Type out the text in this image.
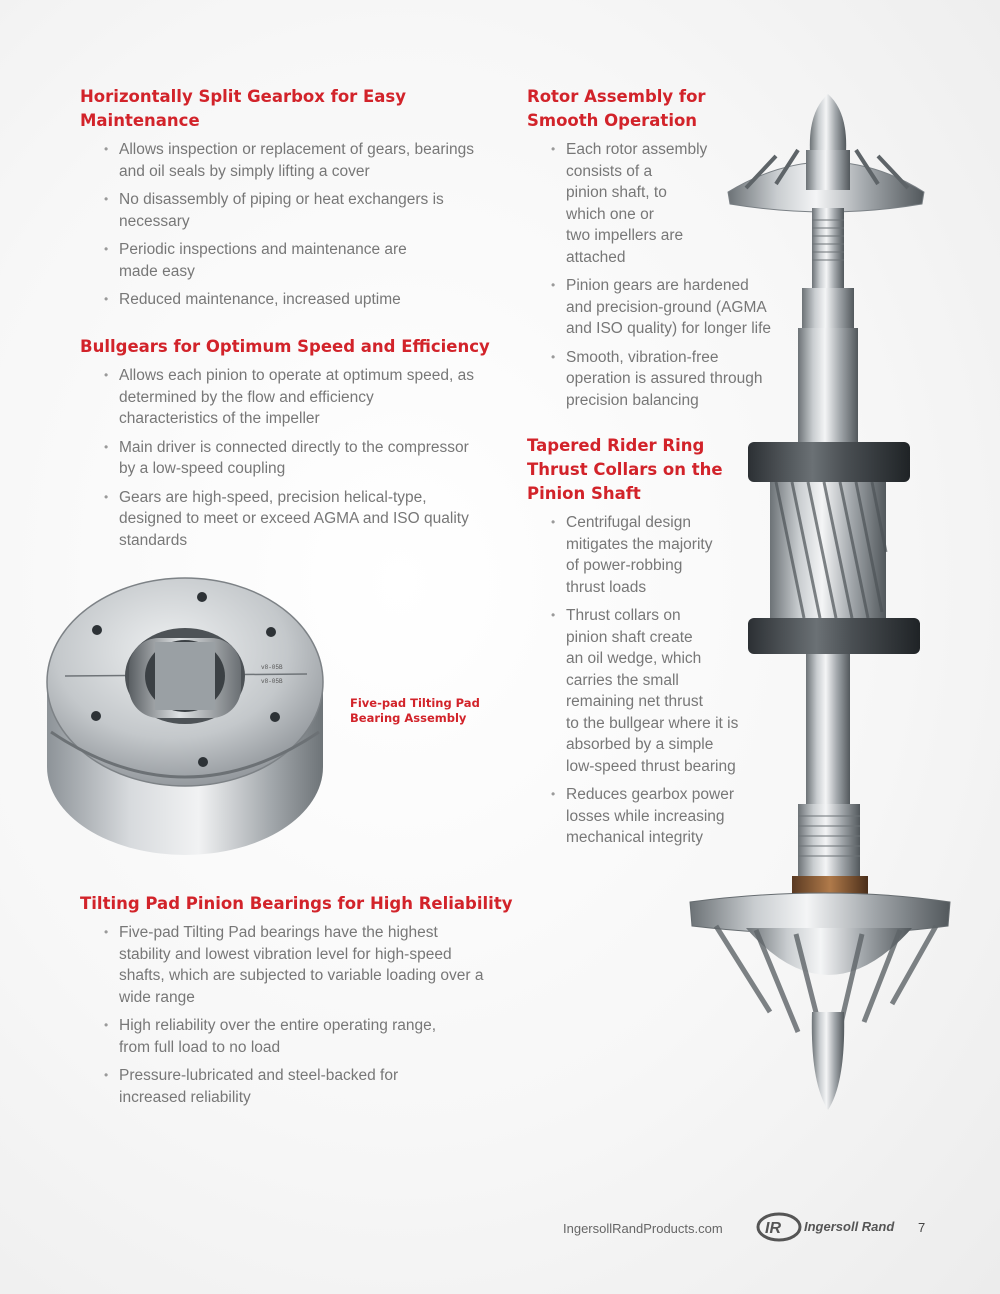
Horizontally Split Gearbox for Easy
Maintenance
• Allows inspection or replacement of gears, bearings
and oil seals by simply lifting a cover
• No disassembly of piping or heat exchangers is
necessary
• Periodic inspections and maintenance are
made easy
• Reduced maintenance, increased uptime
Bullgears for Optimum Speed and Efficiency
• Allows each pinion to operate at optimum speed, as
determined by the flow and efficiency
characteristics of the impeller
• Main driver is connected directly to the compressor
by a low-speed coupling
• Gears are high-speed, precision helical-type,
designed to meet or exceed AGMA and ISO quality
standards
v8-05B
v8-05B

Five-pad Tilting Pad
Bearing Assembly

Tilting Pad Pinion Bearings for High Reliability
• Five-pad Tilting Pad bearings have the highest
stability and lowest vibration level for high-speed
shafts, which are subjected to variable loading over a
wide range
• High reliability over the entire operating range,
from full load to no load
• Pressure-lubricated and steel-backed for
increased reliability
Rotor Assembly for
Smooth Operation
• Each rotor assembly
consists of a
pinion shaft, to
which one or
two impellers are
attached
• Pinion gears are hardened
and precision-ground (AGMA
and ISO quality) for longer life
• Smooth, vibration-free
operation is assured through
precision balancing
Tapered Rider Ring
Thrust Collars on the
Pinion Shaft
• Centrifugal design
mitigates the majority
of power-robbing
thrust loads
• Thrust collars on
pinion shaft create
an oil wedge, which
carries the small
remaining net thrust
to the bullgear where it is
absorbed by a simple
low-speed thrust bearing
• Reduces gearbox power
losses while increasing
mechanical integrity
IngersollRandProducts.com	IR Ingersoll Rand 7
